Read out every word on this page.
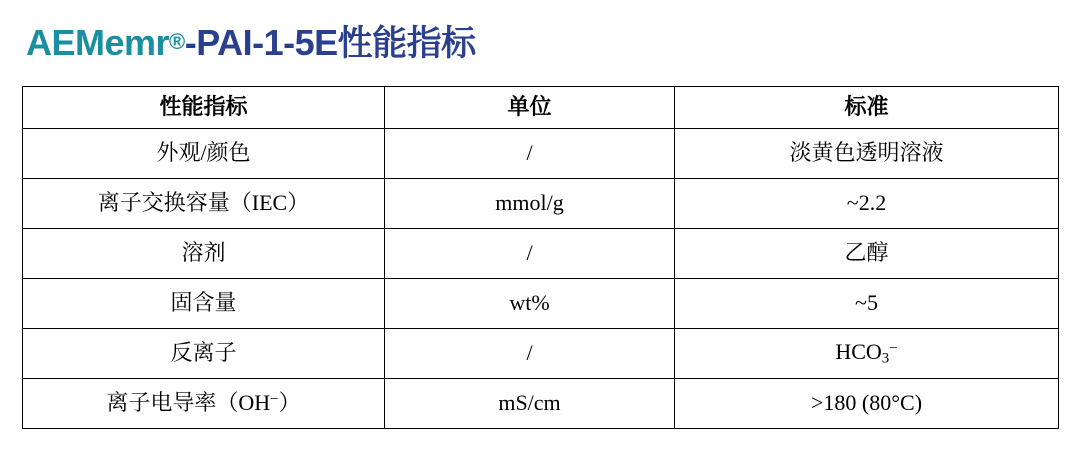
AEMemr®-PAI-1-5E性能指标
性能指标	单位	标准
外观/颜色	/	淡黄色透明溶液
离子交换容量（IEC）	mmol/g	~2.2
溶剂	/	乙醇
固含量	wt%	~5
反离子	/	$HCO_3^-$
离子电导率（OH−）	mS/cm	>180 (80°C)
